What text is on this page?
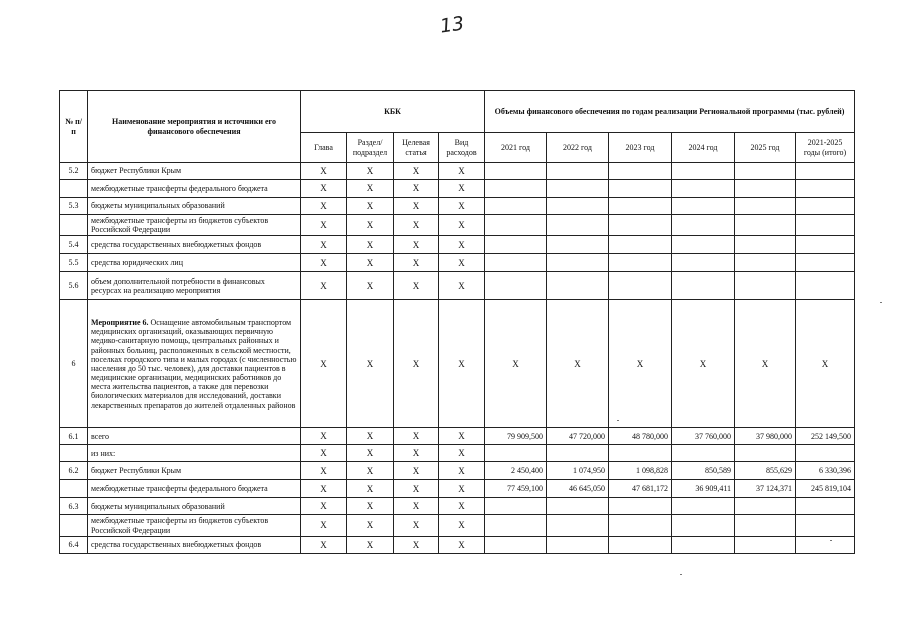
13
№ п/п	Наименование мероприятия и источники его финансового обеспечения	КБК				Объемы финансового обеспечения по годам реализации Региональной программы (тыс. рублей)					
		Глава	Раздел/ подраздел	Целевая статья	Вид расходов	2021 год	2022 год	2023 год	2024 год	2025 год	2021-2025 годы (итого)
5.2	бюджет Республики Крым	X	X	X	X						
	межбюджетные трансферты федерального бюджета	X	X	X	X						
5.3	бюджеты муниципальных образований	X	X	X	X						
	межбюджетные трансферты из бюджетов субъектов Российской Федерации	X	X	X	X						
5.4	средства государственных внебюджетных фондов	X	X	X	X						
5.5	средства юридических лиц	X	X	X	X						
5.6	объем дополнительной потребности в финансовых ресурсах на реализацию мероприятия	X	X	X	X						
6	Мероприятие 6. Оснащение автомобильным транспортом медицинских организаций, оказывающих первичную медико-санитарную помощь, центральных районных и районных больниц, расположенных в сельской местности, поселках городского типа и малых городах (с численностью населения до 50 тыс. человек), для доставки пациентов в медицинские организации, медицинских работников до места жительства пациентов, а также для перевозки биологических материалов для исследований, доставки лекарственных препаратов до жителей отдаленных районов	X	X	X	X	X	X	X	X	X	X
6.1	всего	X	X	X	X	79 909,500	47 720,000	48 780,000	37 760,000	37 980,000	252 149,500
	из них:	X	X	X	X						
6.2	бюджет Республики Крым	X	X	X	X	2 450,400	1 074,950	1 098,828	850,589	855,629	6 330,396
	межбюджетные трансферты федерального бюджета	X	X	X	X	77 459,100	46 645,050	47 681,172	36 909,411	37 124,371	245 819,104
6.3	бюджеты муниципальных образований	X	X	X	X						
	межбюджетные трансферты из бюджетов субъектов Российской Федерации	X	X	X	X						
6.4	средства государственных внебюджетных фондов	X	X	X	X						
